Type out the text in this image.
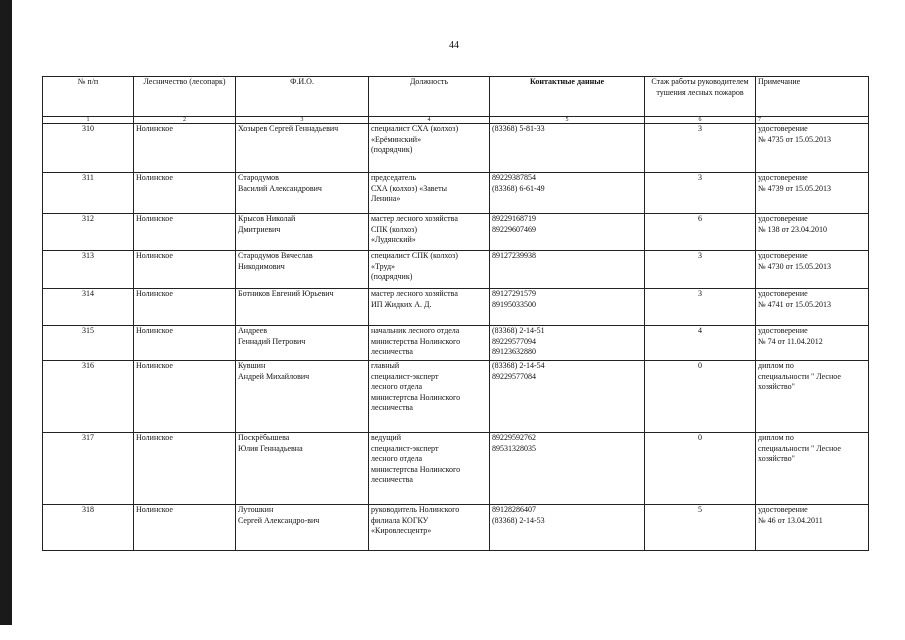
44
№ п/п	Лесничество (лесопарк)	Ф.И.О.	Должность	Контактные данные	Стаж работы руководителем тушения лесных пожаров	Примечание
1	2	3	4	5	6	7
310	Нолинское	Хозырев Сергей Геннадьевич	специалист СХА (колхоз)
«Ерёминский»
(подрядчик)	(83368) 5-81-33	3	удостоверение
№ 4735 от 15.05.2013

311	Нолинское	Стародумов
Василий Александрович	председатель
СХА (колхоз) «Заветы
Ленина»	89229387854
(83368) 6-61-49	3	удостоверение
№ 4739 от 15.05.2013

312	Нолинское	Крысов Николай
Дмитриевич	мастер лесного хозяйства
СПК (колхоз)
«Лудянский»	89229168719
89229607469	6	удостоверение
№ 138 от 23.04.2010

313	Нолинское	Стародумов Вячеслав
Никодимович	специалист СПК (колхоз)
«Труд»
(подрядчик)	89127239938	3	удостоверение
№ 4730 от 15.05.2013

314	Нолинское	Ботников Евгений Юрьевич	мастер лесного хозяйства
ИП Жидких А. Д.	89127291579
89195033500	3	удостоверение
№ 4741 от 15.05.2013

315	Нолинское	Андреев
Геннадий Петрович	начальник лесного отдела
министерства Нолинского
лесничества	(83368) 2-14-51
89229577094
89123632880	4	удостоверение
№ 74 от 11.04.2012

316	Нолинское	Кувшин
Андрей Михайлович	главный
специалист-эксперт
лесного отдела
министертсва Нолинского
лесничества	(83368) 2-14-54
89229577084	0	диплом по
специальности " Лесное
хозяйство"

317	Нолинское	Поскрёбышева
Юлия Геннадьевна	ведущий
специалист-эксперт
лесного отдела
министертсва Нолинского
лесничества	89229592762
89531328035	0	диплом по
специальности " Лесное
хозяйство"

318	Нолинское	Лутошкин
Сергей Александро-вич	руководитель Нолинского
филиала КОГКУ
«Кировлесцентр»	89128286407
(83368) 2-14-53	5	удостоверение
№ 46 от 13.04.2011
